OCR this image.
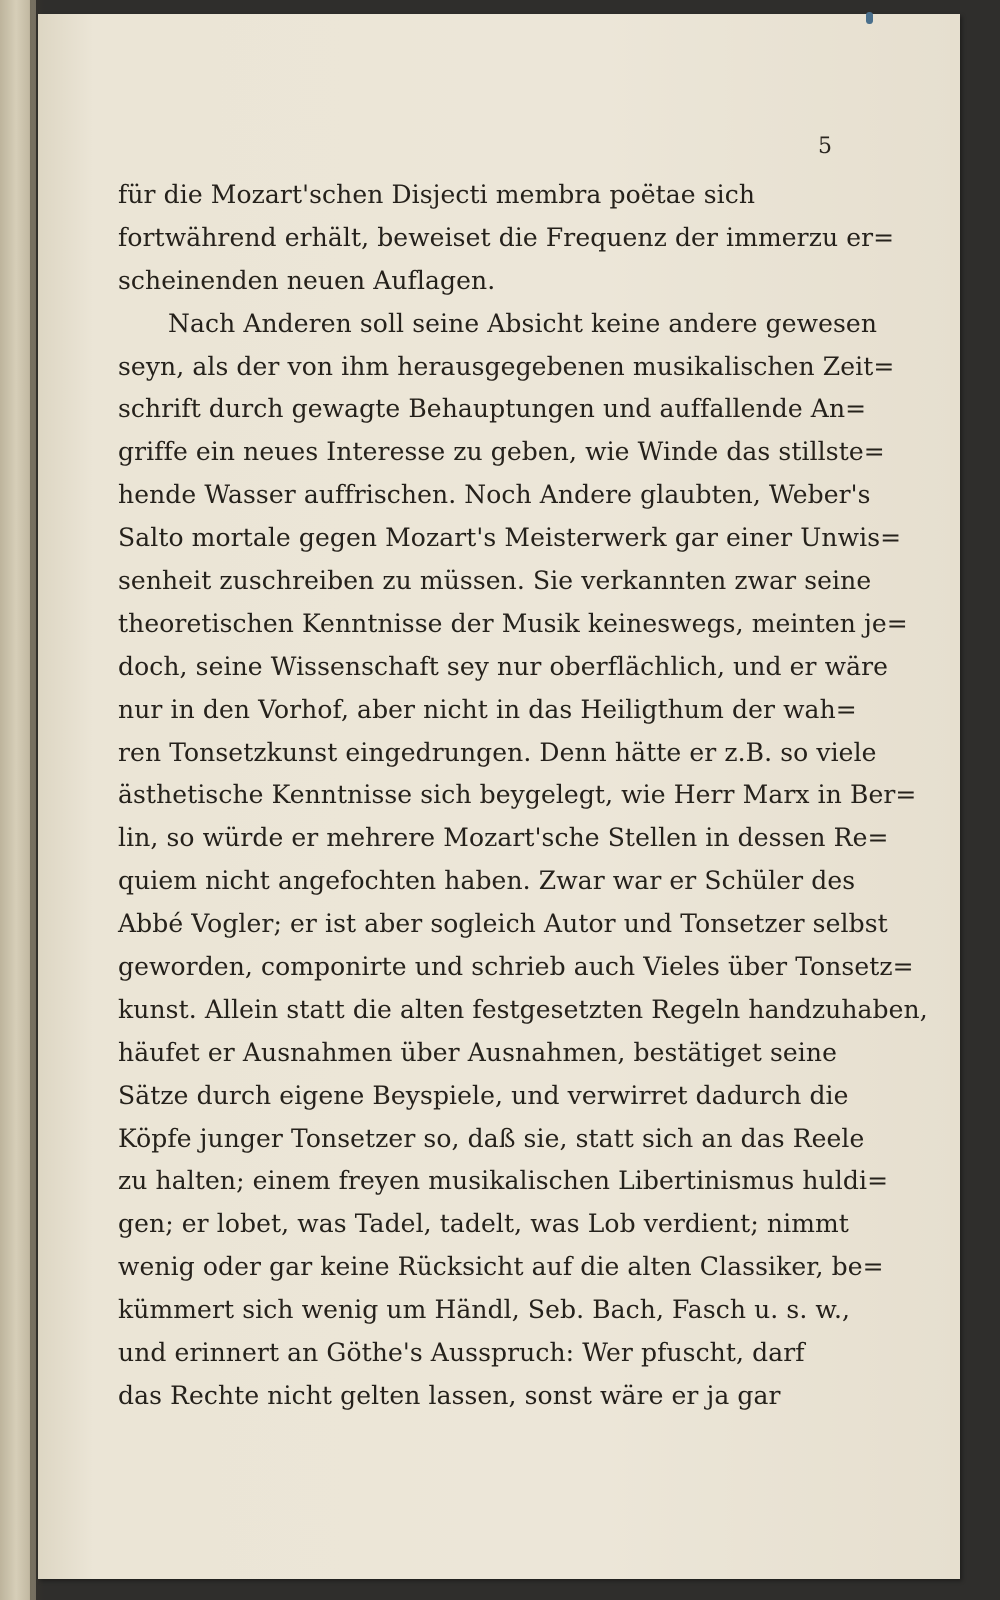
5
für die Mozart'schen Disjecti membra poëtae sich
fortwährend erhält, beweiset die Frequenz der immerzu er=
scheinenden neuen Auflagen.
Nach Anderen soll seine Absicht keine andere gewesen
seyn, als der von ihm herausgegebenen musikalischen Zeit=
schrift durch gewagte Behauptungen und auffallende An=
griffe ein neues Interesse zu geben, wie Winde das stillste=
hende Wasser auffrischen. Noch Andere glaubten, Weber's
Salto mortale gegen Mozart's Meisterwerk gar einer Unwis=
senheit zuschreiben zu müssen. Sie verkannten zwar seine
theoretischen Kenntnisse der Musik keineswegs, meinten je=
doch, seine Wissenschaft sey nur oberflächlich, und er wäre
nur in den Vorhof, aber nicht in das Heiligthum der wah=
ren Tonsetzkunst eingedrungen. Denn hätte er z.B. so viele
ästhetische Kenntnisse sich beygelegt, wie Herr Marx in Ber=
lin, so würde er mehrere Mozart'sche Stellen in dessen Re=
quiem nicht angefochten haben. Zwar war er Schüler des
Abbé Vogler; er ist aber sogleich Autor und Tonsetzer selbst
geworden, componirte und schrieb auch Vieles über Tonsetz=
kunst. Allein statt die alten festgesetzten Regeln handzuhaben,
häufet er Ausnahmen über Ausnahmen, bestätiget seine
Sätze durch eigene Beyspiele, und verwirret dadurch die
Köpfe junger Tonsetzer so, daß sie, statt sich an das Reele
zu halten; einem freyen musikalischen Libertinismus huldi=
gen; er lobet, was Tadel, tadelt, was Lob verdient; nimmt
wenig oder gar keine Rücksicht auf die alten Classiker, be=
kümmert sich wenig um Händl, Seb. Bach, Fasch u. s. w.,
und erinnert an Göthe's Ausspruch: Wer pfuscht, darf
das Rechte nicht gelten lassen, sonst wäre er ja gar
